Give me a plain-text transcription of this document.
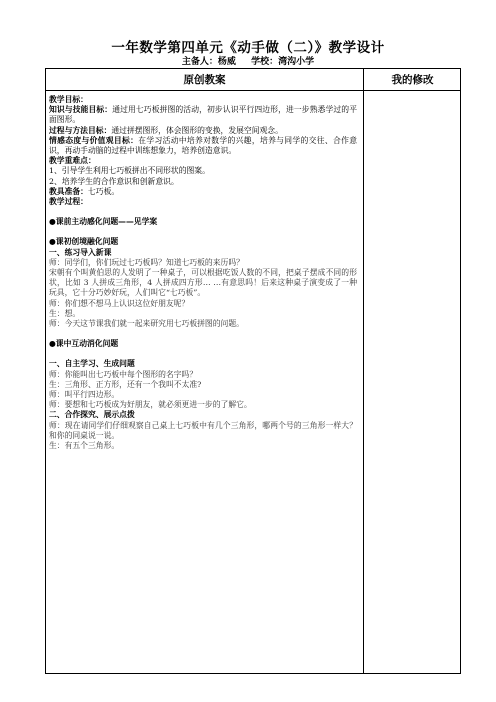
一年数学第四单元《动手做（二）》教学设计
主备人：杨威 学校：湾沟小学
原创教案	我的修改

教学目标：

知识与技能目标：通过用七巧板拼图的活动，初步认识平行四边形，进一步熟悉学过的平面图形。

过程与方法目标：通过拼摆图形，体会图形的变换，发展空间观念。

情感态度与价值观目标：在学习活动中培养对数学的兴趣，培养与同学的交往、合作意识，再动手动脑的过程中训练想象力，培养创造意识。

教学重难点：

1、引导学生利用七巧板拼出不同形状的图案。

2、培养学生的合作意识和创新意识。

教具准备：七巧板。

教学过程：

●课前主动感化问题——见学案

●课初创境融化问题

一、练习导入新课

师：同学们，你们玩过七巧板吗？知道七巧板的来历吗？

宋朝有个叫黄伯思的人发明了一种桌子，可以根据吃饭人数的不同，把桌子摆成不同的形状，比如 3 人拼成三角形，4 人拼成四方形… …有意思吗！后来这种桌子演变成了一种玩具，它十分巧妙好玩，人们叫它“七巧板”。

师：你们想不想马上认识这位好朋友呢？

生：想。

师：今天这节课我们就一起来研究用七巧板拼图的问题。

●课中互动消化问题

一、自主学习、生成问题

师：你能叫出七巧板中每个图形的名字吗？

生：三角形、正方形，还有一个我叫不太准?

师：叫平行四边形。

师：要想和七巧板成为好朋友，就必须更进一步的了解它。

二、合作探究、展示点拨

师：现在请同学们仔细观察自己桌上七巧板中有几个三角形，哪两个号的三角形一样大？和你的同桌说一说。

生：有五个三角形。
